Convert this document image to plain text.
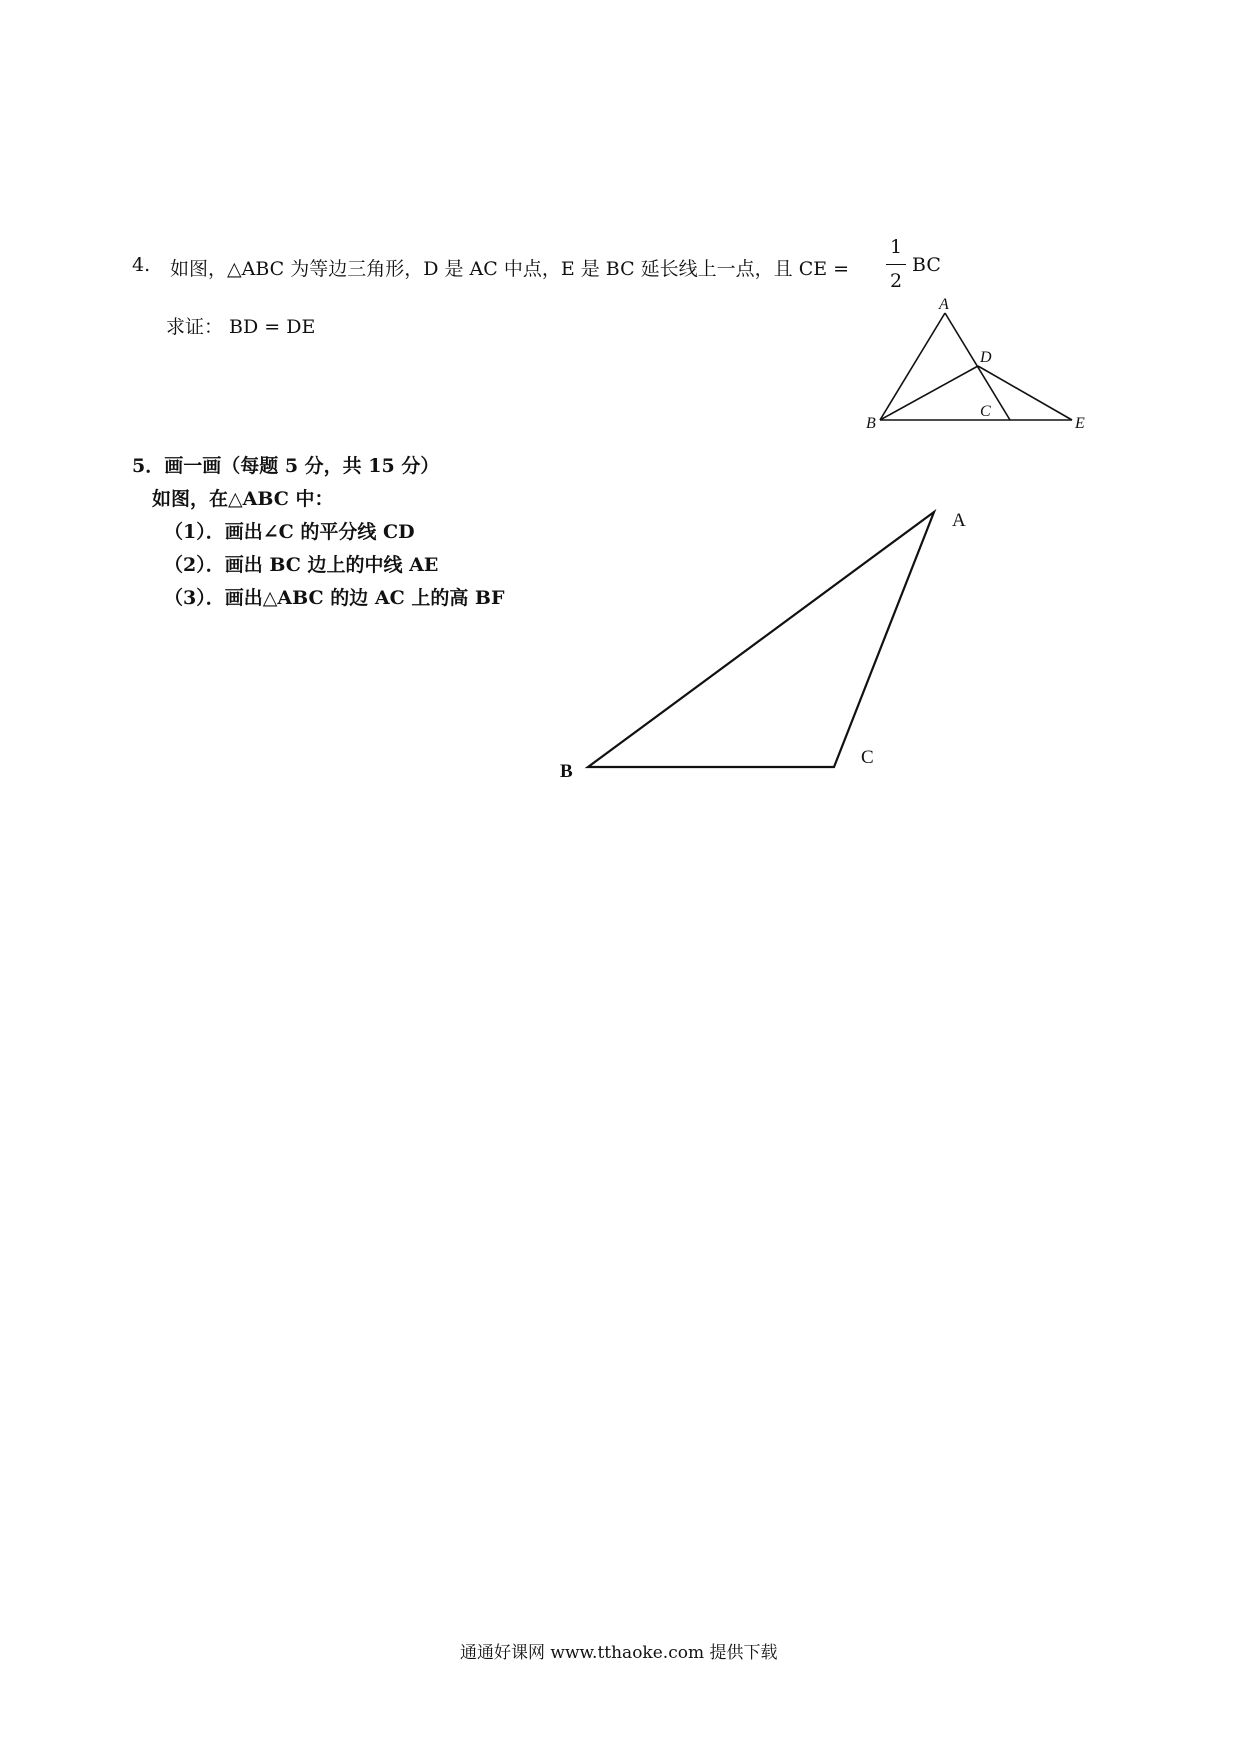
4. 如图，△ABC 为等边三角形，D 是 AC 中点，E 是 BC 延长线上一点，且 CE =
1
2
BC
求证： BD = DE
A
B
C
D
E
5．画一画（每题 5 分，共 15 分）
如图，在△ABC 中：
（1）．画出∠C 的平分线 CD
（2）．画出 BC 边上的中线 AE
（3）．画出△ABC 的边 AC 上的高 BF
A
B
C
通通好课网 www.tthaoke.com 提供下载
